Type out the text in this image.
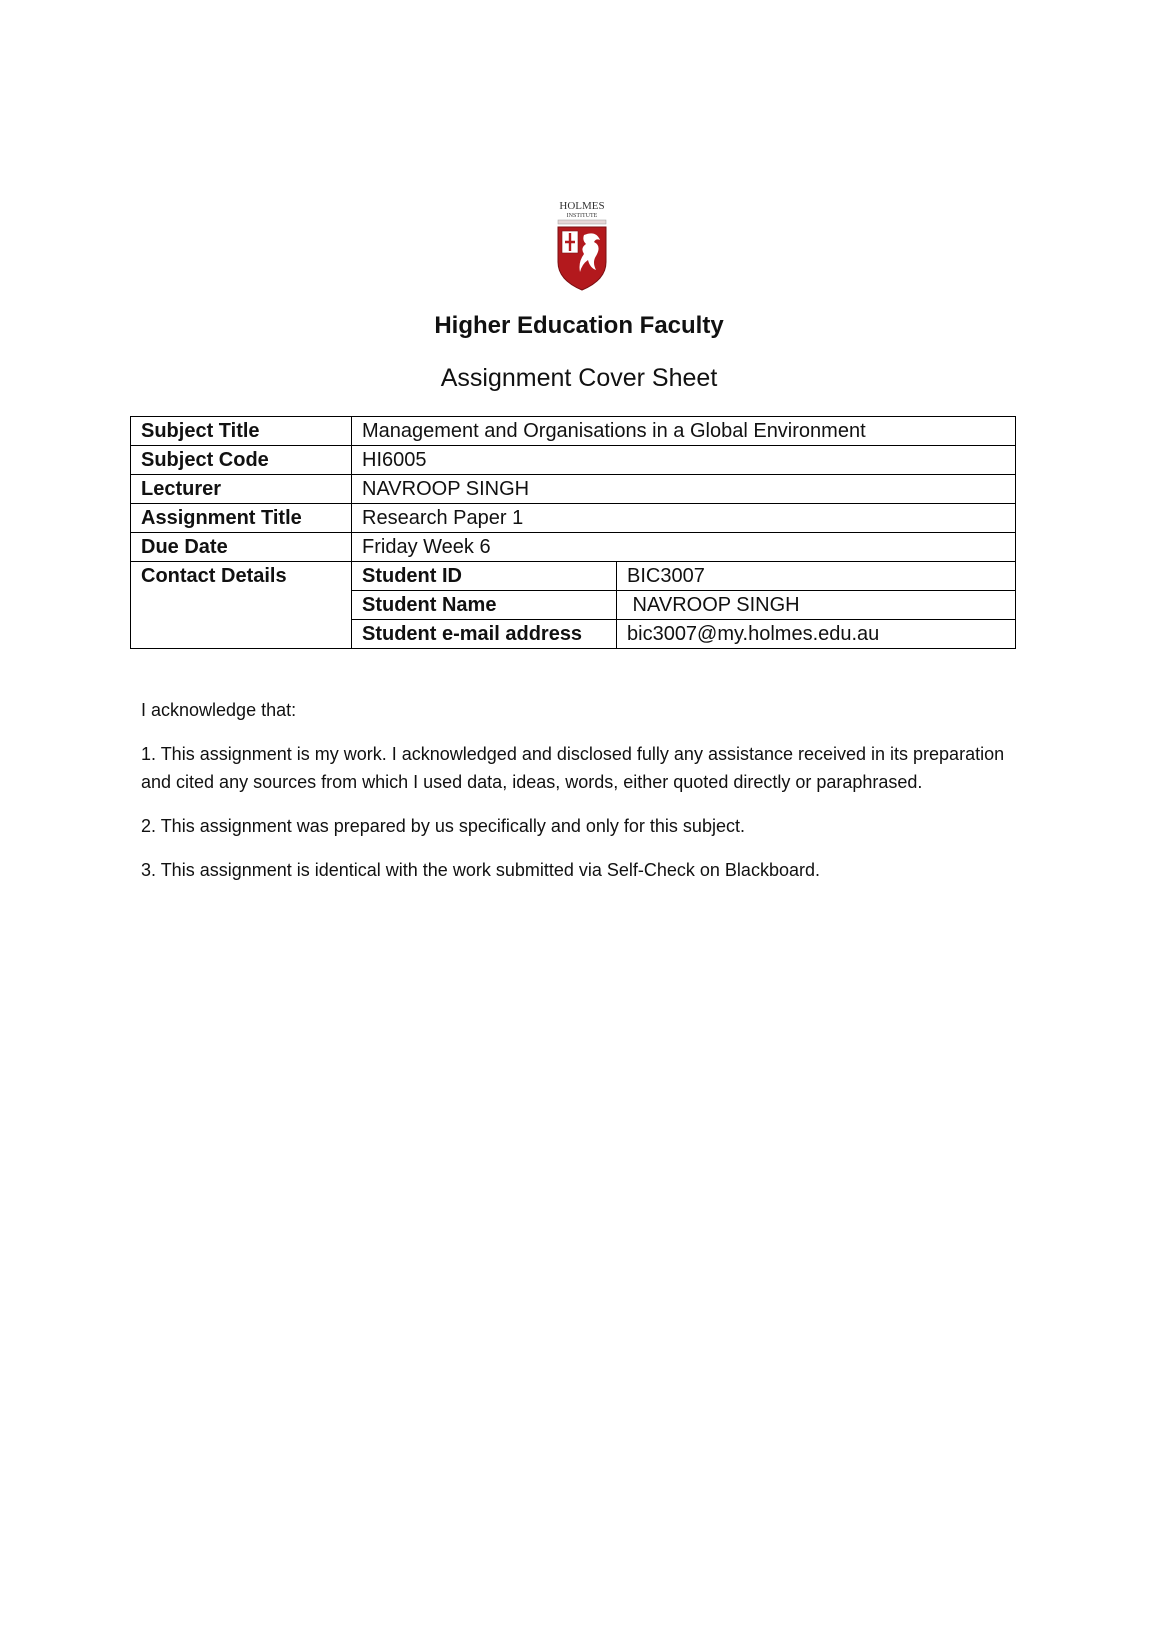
HOLMES
INSTITUTE
Higher Education Faculty
Assignment Cover Sheet
Subject Title	Management and Organisations in a Global Environment	
Subject Code	HI6005	
Lecturer	NAVROOP SINGH	
Assignment Title	Research Paper 1	
Due Date	Friday Week 6	
Contact Details	Student ID	BIC3007
	Student Name	NAVROOP SINGH
	Student e-mail address	bic3007@my.holmes.edu.au

I acknowledge that:

1. This assignment is my work. I acknowledged and disclosed fully any assistance received in its preparation and cited any sources from which I used data, ideas, words, either quoted directly or paraphrased.

2. This assignment was prepared by us specifically and only for this subject.

3. This assignment is identical with the work submitted via Self-Check on Blackboard.
